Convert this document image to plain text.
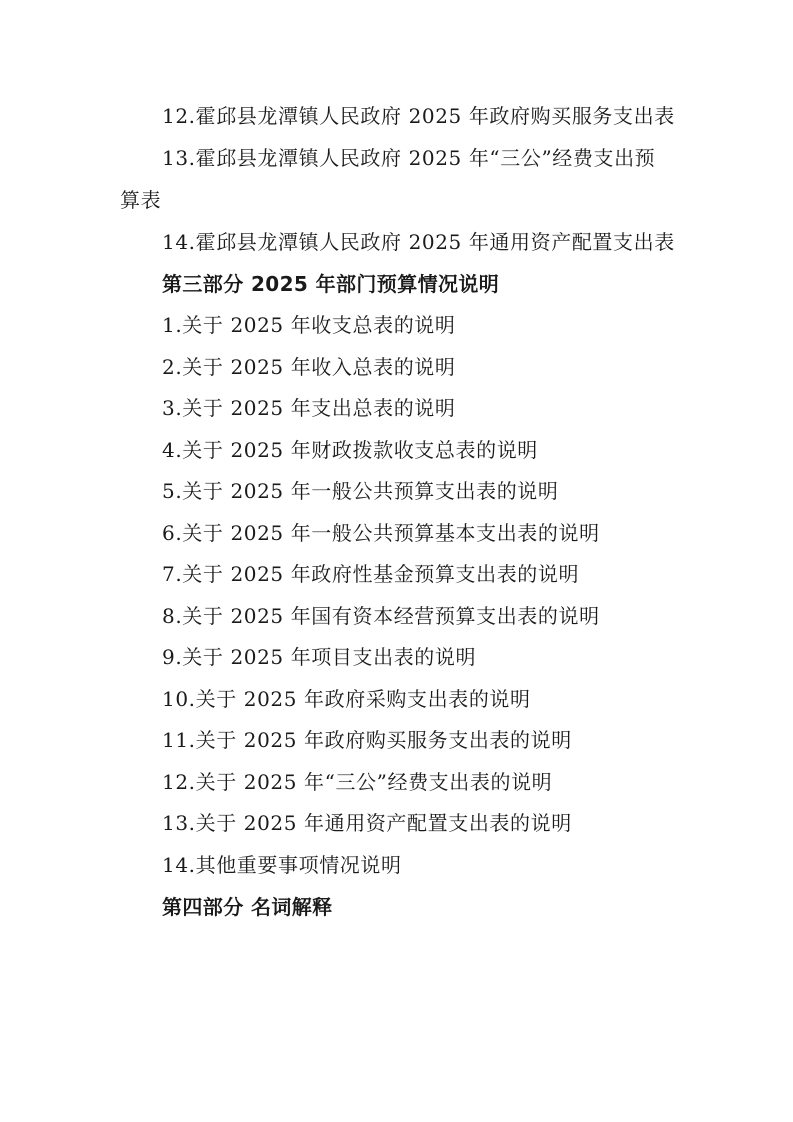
12.霍邱县龙潭镇人民政府 2025 年政府购买服务支出表
13.霍邱县龙潭镇人民政府 2025 年“三公”经费支出预
算表
14.霍邱县龙潭镇人民政府 2025 年通用资产配置支出表
第三部分 2025 年部门预算情况说明
1.关于 2025 年收支总表的说明
2.关于 2025 年收入总表的说明
3.关于 2025 年支出总表的说明
4.关于 2025 年财政拨款收支总表的说明
5.关于 2025 年一般公共预算支出表的说明
6.关于 2025 年一般公共预算基本支出表的说明
7.关于 2025 年政府性基金预算支出表的说明
8.关于 2025 年国有资本经营预算支出表的说明
9.关于 2025 年项目支出表的说明
10.关于 2025 年政府采购支出表的说明
11.关于 2025 年政府购买服务支出表的说明
12.关于 2025 年“三公”经费支出表的说明
13.关于 2025 年通用资产配置支出表的说明
14.其他重要事项情况说明
第四部分 名词解释
